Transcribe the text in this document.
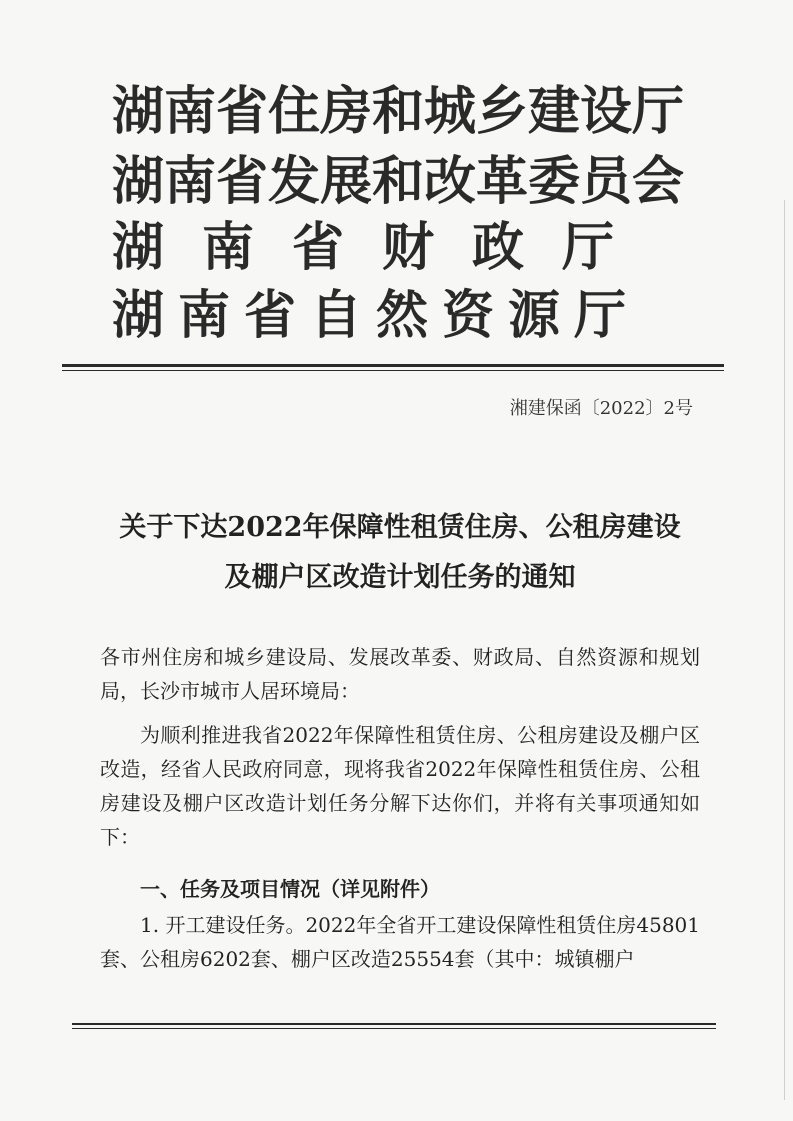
湖南省住房和城乡建设厅
湖南省发展和改革委员会
湖南省财政厅
湖南省自然资源厅
湘建保函〔2022〕2号
关于下达2022年保障性租赁住房、公租房建设
及棚户区改造计划任务的通知

各市州住房和城乡建设局、发展改革委、财政局、自然资源和规划局，长沙市城市人居环境局：

为顺利推进我省2022年保障性租赁住房、公租房建设及棚户区改造，经省人民政府同意，现将我省2022年保障性租赁住房、公租房建设及棚户区改造计划任务分解下达你们，并将有关事项通知如下：

一、任务及项目情况（详见附件）

1. 开工建设任务。2022年全省开工建设保障性租赁住房45801套、公租房6202套、棚户区改造25554套（其中：城镇棚户
